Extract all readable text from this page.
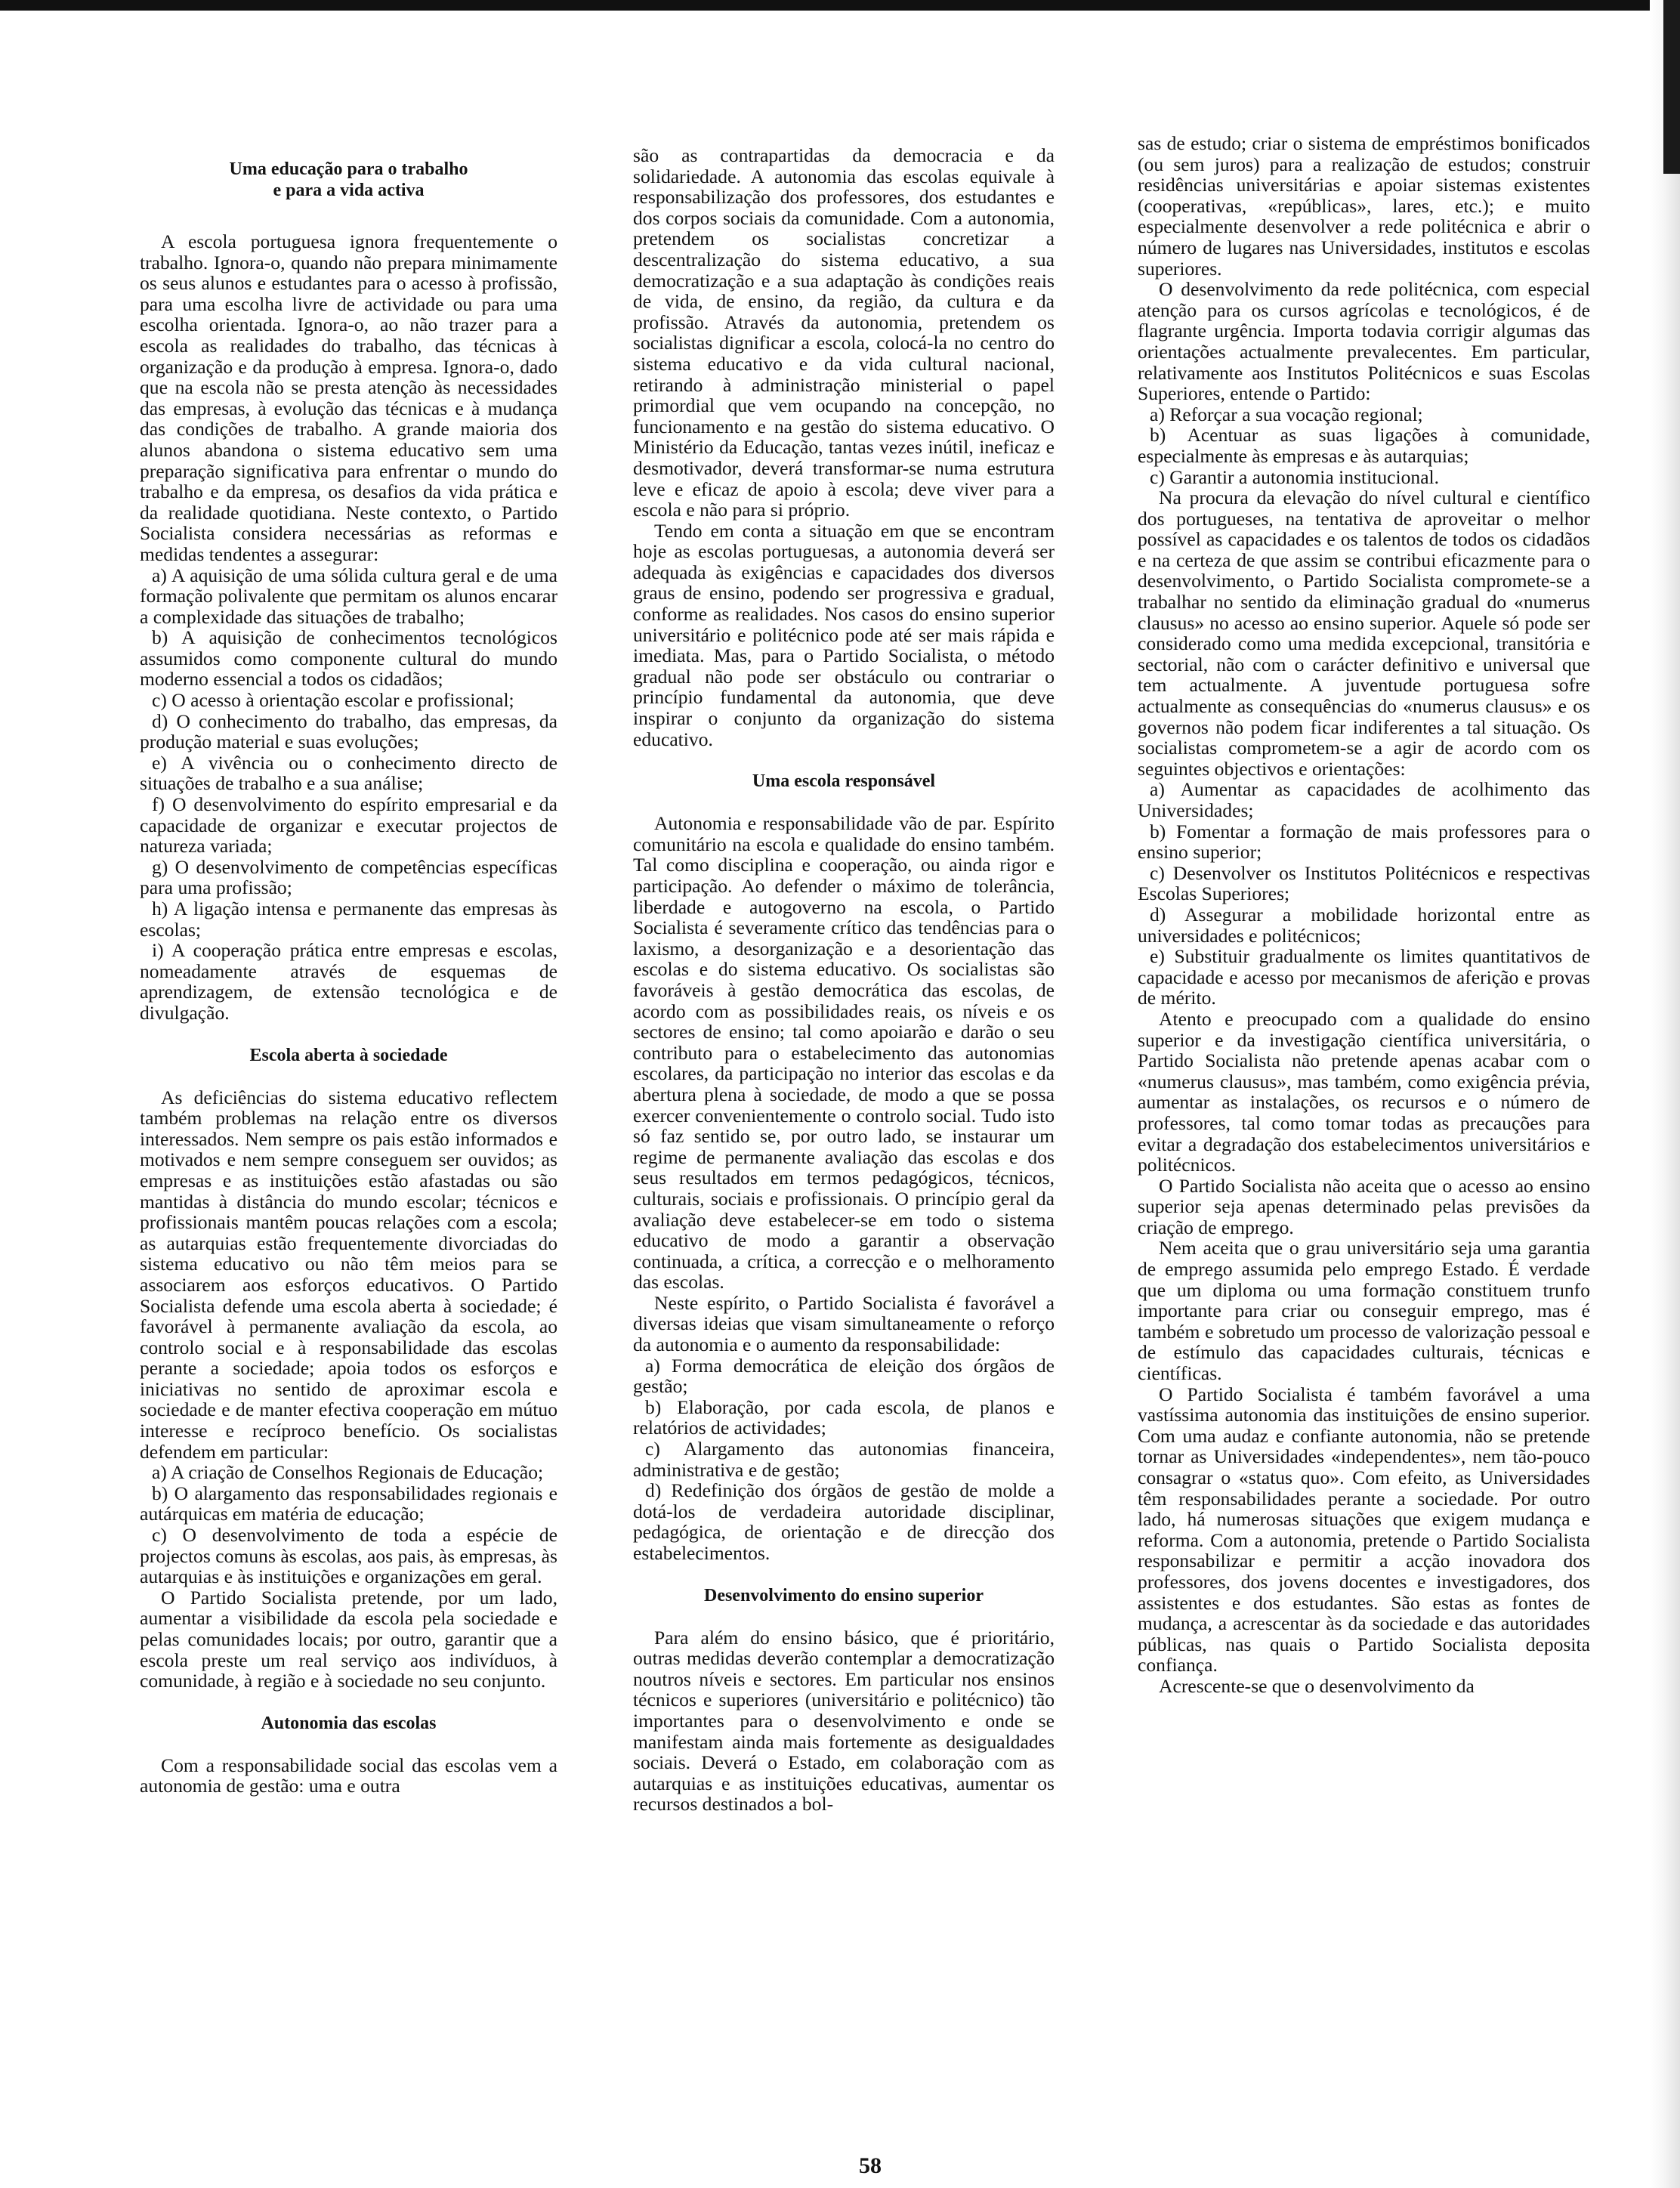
Uma educação para o trabalho
e para a vida activa

A escola portuguesa ignora frequentemente o trabalho. Ignora-o, quando não prepara minimamente os seus alunos e estudantes para o acesso à profissão, para uma escolha livre de actividade ou para uma escolha orientada. Ignora-o, ao não trazer para a escola as realidades do trabalho, das técnicas à organização e da produção à empresa. Ignora-o, dado que na escola não se presta atenção às necessidades das empresas, à evolução das técnicas e à mudança das condições de trabalho. A grande maioria dos alunos abandona o sistema educativo sem uma preparação significativa para enfrentar o mundo do trabalho e da empresa, os desafios da vida prática e da realidade quotidiana. Neste contexto, o Partido Socialista considera necessárias as reformas e medidas tendentes a assegurar:

a) A aquisição de uma sólida cultura geral e de uma formação polivalente que permitam os alunos encarar a complexidade das situações de trabalho;

b) A aquisição de conhecimentos tecnológicos assumidos como componente cultural do mundo moderno essencial a todos os cidadãos;

c) O acesso à orientação escolar e profissional;

d) O conhecimento do trabalho, das empresas, da produção material e suas evoluções;

e) A vivência ou o conhecimento directo de situações de trabalho e a sua análise;

f) O desenvolvimento do espírito empresarial e da capacidade de organizar e executar projectos de natureza variada;

g) O desenvolvimento de competências específicas para uma profissão;

h) A ligação intensa e permanente das empresas às escolas;

i) A cooperação prática entre empresas e escolas, nomeadamente através de esquemas de aprendizagem, de extensão tecnológica e de divulgação.

Escola aberta à sociedade

As deficiências do sistema educativo reflectem também problemas na relação entre os diversos interessados. Nem sempre os pais estão informados e motivados e nem sempre conseguem ser ouvidos; as empresas e as instituições estão afastadas ou são mantidas à distância do mundo escolar; técnicos e profissionais mantêm poucas relações com a escola; as autarquias estão frequentemente divorciadas do sistema educativo ou não têm meios para se associarem aos esforços educativos. O Partido Socialista defende uma escola aberta à sociedade; é favorável à permanente avaliação da escola, ao controlo social e à responsabilidade das escolas perante a sociedade; apoia todos os esforços e iniciativas no sentido de aproximar escola e sociedade e de manter efectiva cooperação em mútuo interesse e recíproco benefício. Os socialistas defendem em particular:

a) A criação de Conselhos Regionais de Educação;

b) O alargamento das responsabilidades regionais e autárquicas em matéria de educação;

c) O desenvolvimento de toda a espécie de projectos comuns às escolas, aos pais, às empresas, às autarquias e às instituições e organizações em geral.

O Partido Socialista pretende, por um lado, aumentar a visibilidade da escola pela sociedade e pelas comunidades locais; por outro, garantir que a escola preste um real serviço aos indivíduos, à comunidade, à região e à sociedade no seu conjunto.

Autonomia das escolas

Com a responsabilidade social das escolas vem a autonomia de gestão: uma e outra

são as contrapartidas da democracia e da solidariedade. A autonomia das escolas equivale à responsabilização dos professores, dos estudantes e dos corpos sociais da comunidade. Com a autonomia, pretendem os socialistas concretizar a descentralização do sistema educativo, a sua democratização e a sua adaptação às condições reais de vida, de ensino, da região, da cultura e da profissão. Através da autonomia, pretendem os socialistas dignificar a escola, colocá-la no centro do sistema educativo e da vida cultural nacional, retirando à administração ministerial o papel primordial que vem ocupando na concepção, no funcionamento e na gestão do sistema educativo. O Ministério da Educação, tantas vezes inútil, ineficaz e desmotivador, deverá transformar-se numa estrutura leve e eficaz de apoio à escola; deve viver para a escola e não para si próprio.

Tendo em conta a situação em que se encontram hoje as escolas portuguesas, a autonomia deverá ser adequada às exigências e capacidades dos diversos graus de ensino, podendo ser progressiva e gradual, conforme as realidades. Nos casos do ensino superior universitário e politécnico pode até ser mais rápida e imediata. Mas, para o Partido Socialista, o método gradual não pode ser obstáculo ou contrariar o princípio fundamental da autonomia, que deve inspirar o conjunto da organização do sistema educativo.

Uma escola responsável

Autonomia e responsabilidade vão de par. Espírito comunitário na escola e qualidade do ensino também. Tal como disciplina e cooperação, ou ainda rigor e participação. Ao defender o máximo de tolerância, liberdade e autogoverno na escola, o Partido Socialista é severamente crítico das tendências para o laxismo, a desorganização e a desorientação das escolas e do sistema educativo. Os socialistas são favoráveis à gestão democrática das escolas, de acordo com as possibilidades reais, os níveis e os sectores de ensino; tal como apoiarão e darão o seu contributo para o estabelecimento das autonomias escolares, da participação no interior das escolas e da abertura plena à sociedade, de modo a que se possa exercer convenientemente o controlo social. Tudo isto só faz sentido se, por outro lado, se instaurar um regime de permanente avaliação das escolas e dos seus resultados em termos pedagógicos, técnicos, culturais, sociais e profissionais. O princípio geral da avaliação deve estabelecer-se em todo o sistema educativo de modo a garantir a observação continuada, a crítica, a correcção e o melhoramento das escolas.

Neste espírito, o Partido Socialista é favorável a diversas ideias que visam simultaneamente o reforço da autonomia e o aumento da responsabilidade:

a) Forma democrática de eleição dos órgãos de gestão;

b) Elaboração, por cada escola, de planos e relatórios de actividades;

c) Alargamento das autonomias financeira, administrativa e de gestão;

d) Redefinição dos órgãos de gestão de molde a dotá-los de verdadeira autoridade disciplinar, pedagógica, de orientação e de direcção dos estabelecimentos.

Desenvolvimento do ensino superior

Para além do ensino básico, que é prioritário, outras medidas deverão contemplar a democratização noutros níveis e sectores. Em particular nos ensinos técnicos e superiores (universitário e politécnico) tão importantes para o desenvolvimento e onde se manifestam ainda mais fortemente as desigualdades sociais. Deverá o Estado, em colaboração com as autarquias e as instituições educativas, aumentar os recursos destinados a bol-

sas de estudo; criar o sistema de empréstimos bonificados (ou sem juros) para a realização de estudos; construir residências universitárias e apoiar sistemas existentes (cooperativas, «repúblicas», lares, etc.); e muito especialmente desenvolver a rede politécnica e abrir o número de lugares nas Universidades, institutos e escolas superiores.

O desenvolvimento da rede politécnica, com especial atenção para os cursos agrícolas e tecnológicos, é de flagrante urgência. Importa todavia corrigir algumas das orientações actualmente prevalecentes. Em particular, relativamente aos Institutos Politécnicos e suas Escolas Superiores, entende o Partido:

a) Reforçar a sua vocação regional;

b) Acentuar as suas ligações à comunidade, especialmente às empresas e às autarquias;

c) Garantir a autonomia institucional.

Na procura da elevação do nível cultural e científico dos portugueses, na tentativa de aproveitar o melhor possível as capacidades e os talentos de todos os cidadãos e na certeza de que assim se contribui eficazmente para o desenvolvimento, o Partido Socialista compromete-se a trabalhar no sentido da eliminação gradual do «numerus clausus» no acesso ao ensino superior. Aquele só pode ser considerado como uma medida excepcional, transitória e sectorial, não com o carácter definitivo e universal que tem actualmente. A juventude portuguesa sofre actualmente as consequências do «numerus clausus» e os governos não podem ficar indiferentes a tal situação. Os socialistas comprometem-se a agir de acordo com os seguintes objectivos e orientações:

a) Aumentar as capacidades de acolhimento das Universidades;

b) Fomentar a formação de mais professores para o ensino superior;

c) Desenvolver os Institutos Politécnicos e respectivas Escolas Superiores;

d) Assegurar a mobilidade horizontal entre as universidades e politécnicos;

e) Substituir gradualmente os limites quantitativos de capacidade e acesso por mecanismos de aferição e provas de mérito.

Atento e preocupado com a qualidade do ensino superior e da investigação científica universitária, o Partido Socialista não pretende apenas acabar com o «numerus clausus», mas também, como exigência prévia, aumentar as instalações, os recursos e o número de professores, tal como tomar todas as precauções para evitar a degradação dos estabelecimentos universitários e politécnicos.

O Partido Socialista não aceita que o acesso ao ensino superior seja apenas determinado pelas previsões da criação de emprego.

Nem aceita que o grau universitário seja uma garantia de emprego assumida pelo emprego Estado. É verdade que um diploma ou uma formação constituem trunfo importante para criar ou conseguir emprego, mas é também e sobretudo um processo de valorização pessoal e de estímulo das capacidades culturais, técnicas e científicas.

O Partido Socialista é também favorável a uma vastíssima autonomia das instituições de ensino superior. Com uma audaz e confiante autonomia, não se pretende tornar as Universidades «independentes», nem tão-pouco consagrar o «status quo». Com efeito, as Universidades têm responsabilidades perante a sociedade. Por outro lado, há numerosas situações que exigem mudança e reforma. Com a autonomia, pretende o Partido Socialista responsabilizar e permitir a acção inovadora dos professores, dos jovens docentes e investigadores, dos assistentes e dos estudantes. São estas as fontes de mudança, a acrescentar às da sociedade e das autoridades públicas, nas quais o Partido Socialista deposita confiança.

Acrescente-se que o desenvolvimento da

58
